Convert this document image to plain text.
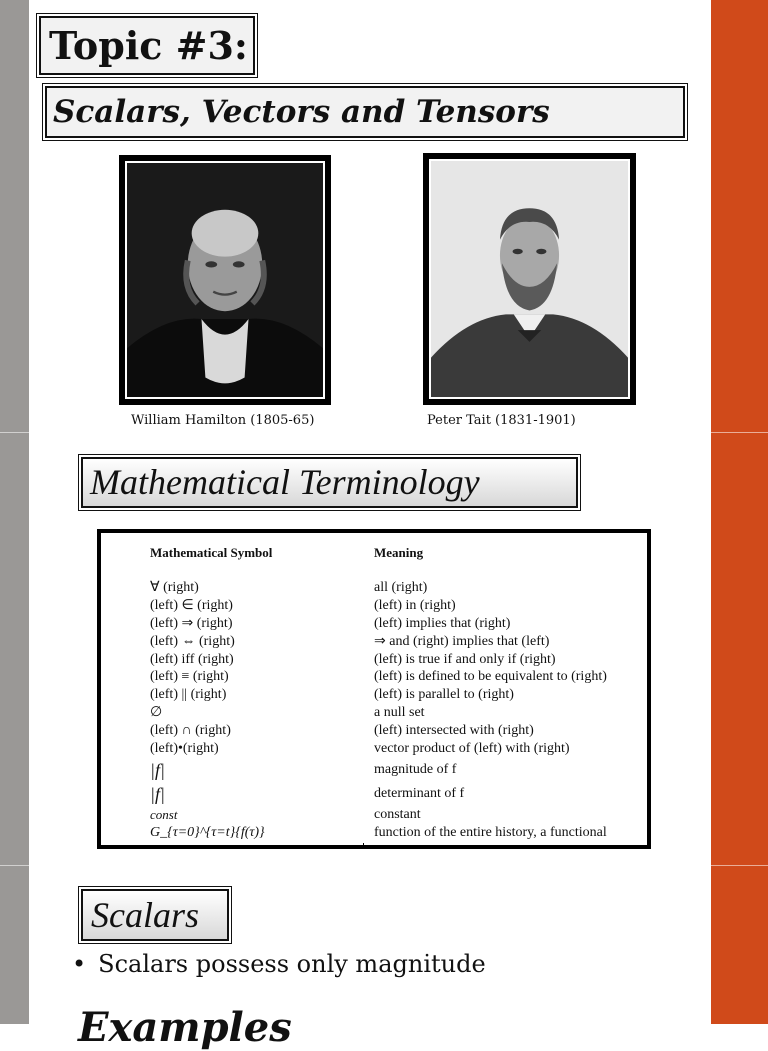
Topic #3:
Scalars, Vectors and Tensors
William Hamilton (1805-65)	Peter Tait (1831-1901)
Mathematical Terminology
Mathematical Symbol	Meaning
∀ (right)	all (right)
(left) ∈ (right)	(left) in (right)
(left) ⇒ (right)	(left) implies that (right)
(left) ⇔ (right)	⇒ and (right) implies that (left)
(left) iff (right)	(left) is true if and only if (right)
(left) ≡ (right)	(left) is defined to be equivalent to (right)
(left) || (right)	(left) is parallel to (right)
∅	a null set
(left) ∩ (right)	(left) intersected with (right)
(left)•(right)	vector product of (left) with (right)
|f|	magnitude of f
|f|	determinant of f
const	constant
G_{τ=0}^{τ=t}{f(τ)}	function of the entire history, a functional
Scalars
• Scalars possess only magnitude
Examples
